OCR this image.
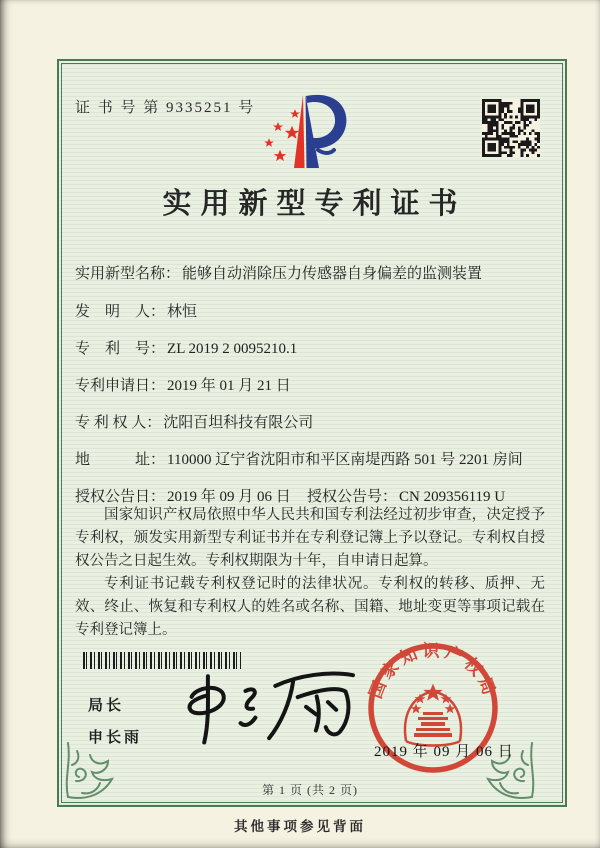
证 书 号 第 9335251 号
实用新型专利证书
实用新型名称： 能够自动消除压力传感器自身偏差的监测装置
发　明　人： 林恒
专　利　号： ZL 2019 2 0095210.1
专利申请日： 2019 年 01 月 21 日
专 利 权 人： 沈阳百坦科技有限公司
地　　　址： 110000 辽宁省沈阳市和平区南堤西路 501 号 2201 房间
授权公告日： 2019 年 09 月 06 日 授权公告号： CN 209356119 U

国家知识产权局依照中华人民共和国专利法经过初步审查，决定授予专利权，颁发实用新型专利证书并在专利登记簿上予以登记。专利权自授权公告之日起生效。专利权期限为十年，自申请日起算。

专利证书记载专利权登记时的法律状况。专利权的转移、质押、无效、终止、恢复和专利权人的姓名或名称、国籍、地址变更等事项记载在专利登记簿上。

局长
申长雨
国家知识产权局
2019 年 09 月 06 日
第 1 页 (共 2 页)
其他事项参见背面
